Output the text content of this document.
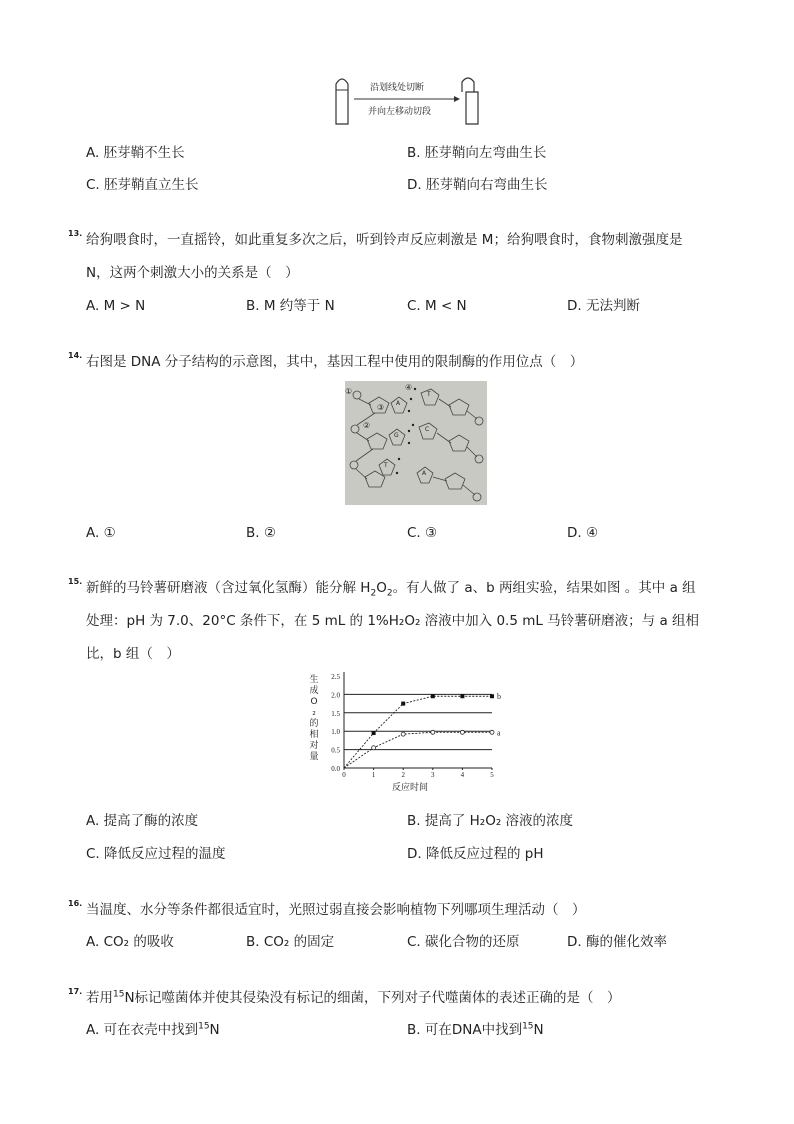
沿划线处切断
并向左移动切段
A. 胚芽鞘不生长	B. 胚芽鞘向左弯曲生长
C. 胚芽鞘直立生长	D. 胚芽鞘向右弯曲生长
13. 给狗喂食时，一直摇铃，如此重复多次之后，听到铃声反应刺激是 M；给狗喂食时，食物刺激强度是
N，这两个刺激大小的关系是（　）
A. M > N	B. M 约等于 N	C. M < N	D. 无法判断
14. 右图是 DNA 分子结构的示意图，其中，基因工程中使用的限制酶的作用位点（　）
①
③
④
②
A
T
G
C
T
A
A. ①	B. ②	C. ③	D. ④
15. 新鲜的马铃薯研磨液（含过氧化氢酶）能分解 $H_2O_2$。有人做了 a、b 两组实验，结果如图 。其中 a 组
处理：pH 为 7.0、20°C 条件下，在 5 mL 的 1%H₂O₂ 溶液中加入 0.5 mL 马铃薯研磨液；与 a 组相
比，b 组（　）
0.0
0.5
1.0
1.5
2.0
2.5
0	1	2	3	4	5
反应时间
生
成
O
₂
的
相
对
量
b
a
A. 提高了酶的浓度	B. 提高了 H₂O₂ 溶液的浓度
C. 降低反应过程的温度	D. 降低反应过程的 pH
16. 当温度、水分等条件都很适宜时，光照过弱直接会影响植物下列哪项生理活动（　）
A. CO₂ 的吸收	B. CO₂ 的固定	C. 碳化合物的还原	D. 酶的催化效率
17. 若用$^{15}$N标记噬菌体并使其侵染没有标记的细菌，下列对子代噬菌体的表述正确的是（　）
A. 可在衣壳中找到$^{15}$N	B. 可在DNA中找到$^{15}$N
